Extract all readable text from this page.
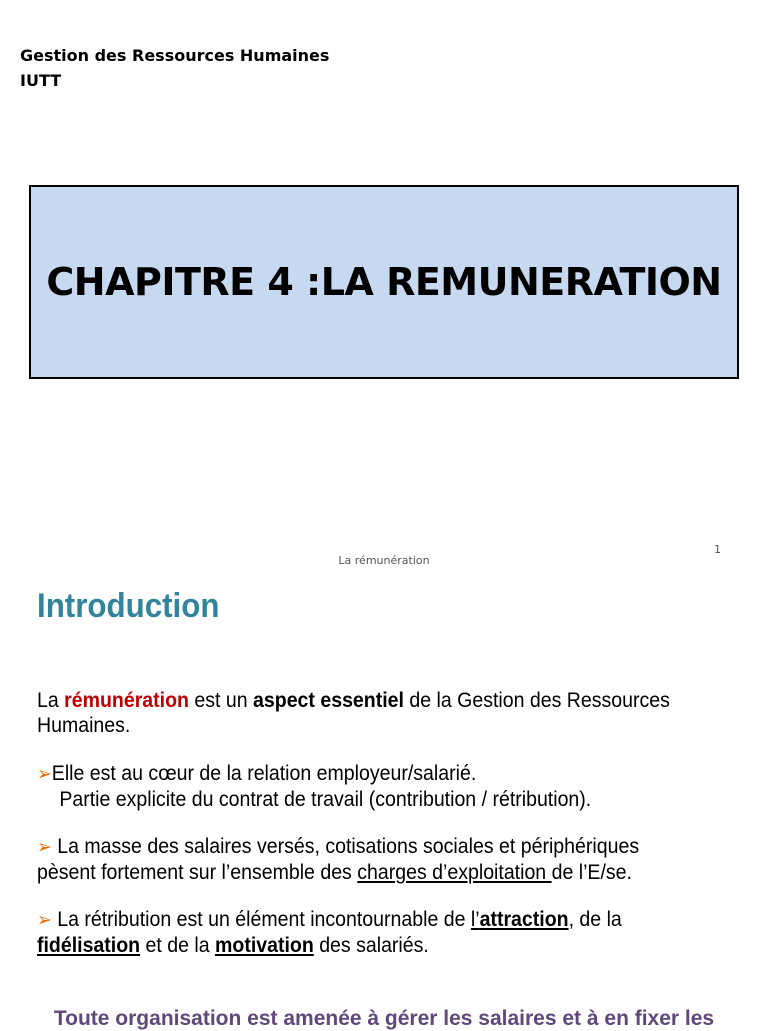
Gestion des Ressources Humaines
IUTT
CHAPITRE 4 :LA REMUNERATION
La rémunération
1
Introduction
La rémunération est un aspect essentiel de la Gestion des Ressources Humaines.
➢Elle est au cœur de la relation employeur/salarié.
Partie explicite du contrat de travail (contribution / rétribution).
➢ La masse des salaires versés, cotisations sociales et périphériques pèsent fortement sur l’ensemble des charges d’exploitation de l’E/se.
➢ La rétribution est un élément incontournable de l’attraction, de la fidélisation et de la motivation des salariés.
Toute organisation est amenée à gérer les salaires et à en fixer les
